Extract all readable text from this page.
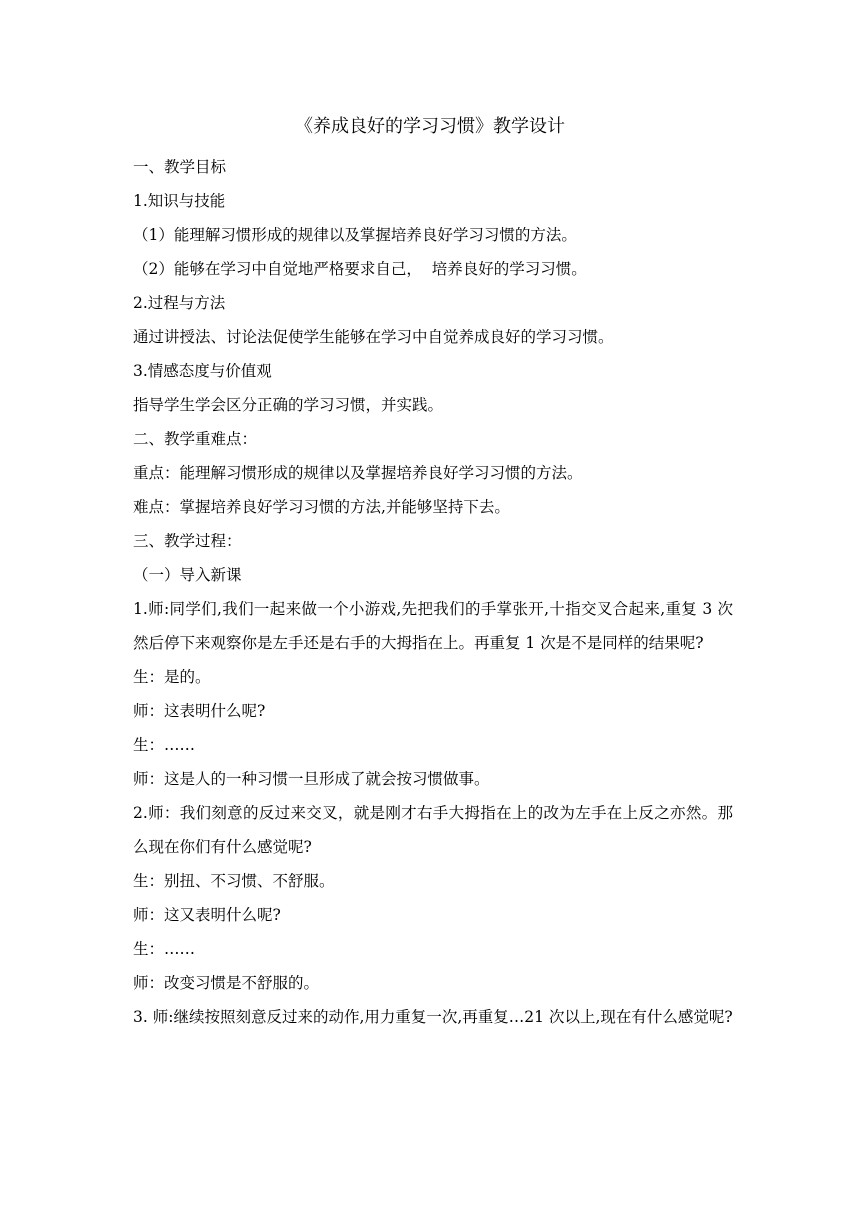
《养成良好的学习习惯》教学设计
一、教学目标
1.知识与技能
（1）能理解习惯形成的规律以及掌握培养良好学习习惯的方法。
（2）能够在学习中自觉地严格要求自己，  培养良好的学习习惯。
2.过程与方法
通过讲授法、讨论法促使学生能够在学习中自觉养成良好的学习习惯。
3.情感态度与价值观
指导学生学会区分正确的学习习惯，并实践。
二、教学重难点：
重点：能理解习惯形成的规律以及掌握培养良好学习习惯的方法。
难点：掌握培养良好学习习惯的方法,并能够坚持下去。
三、教学过程：
（一）导入新课
1.师:同学们,我们一起来做一个小游戏,先把我们的手掌张开,十指交叉合起来,重复 3 次然后停下来观察你是左手还是右手的大拇指在上。再重复 1 次是不是同样的结果呢?
生：是的。
师：这表明什么呢?
生：……
师：这是人的一种习惯一旦形成了就会按习惯做事。
2.师：我们刻意的反过来交叉，就是刚才右手大拇指在上的改为左手在上反之亦然。那么现在你们有什么感觉呢?
生：别扭、不习惯、不舒服。
师：这又表明什么呢?
生：……
师：改变习惯是不舒服的。
3. 师:继续按照刻意反过来的动作,用力重复一次,再重复…21 次以上,现在有什么感觉呢?
